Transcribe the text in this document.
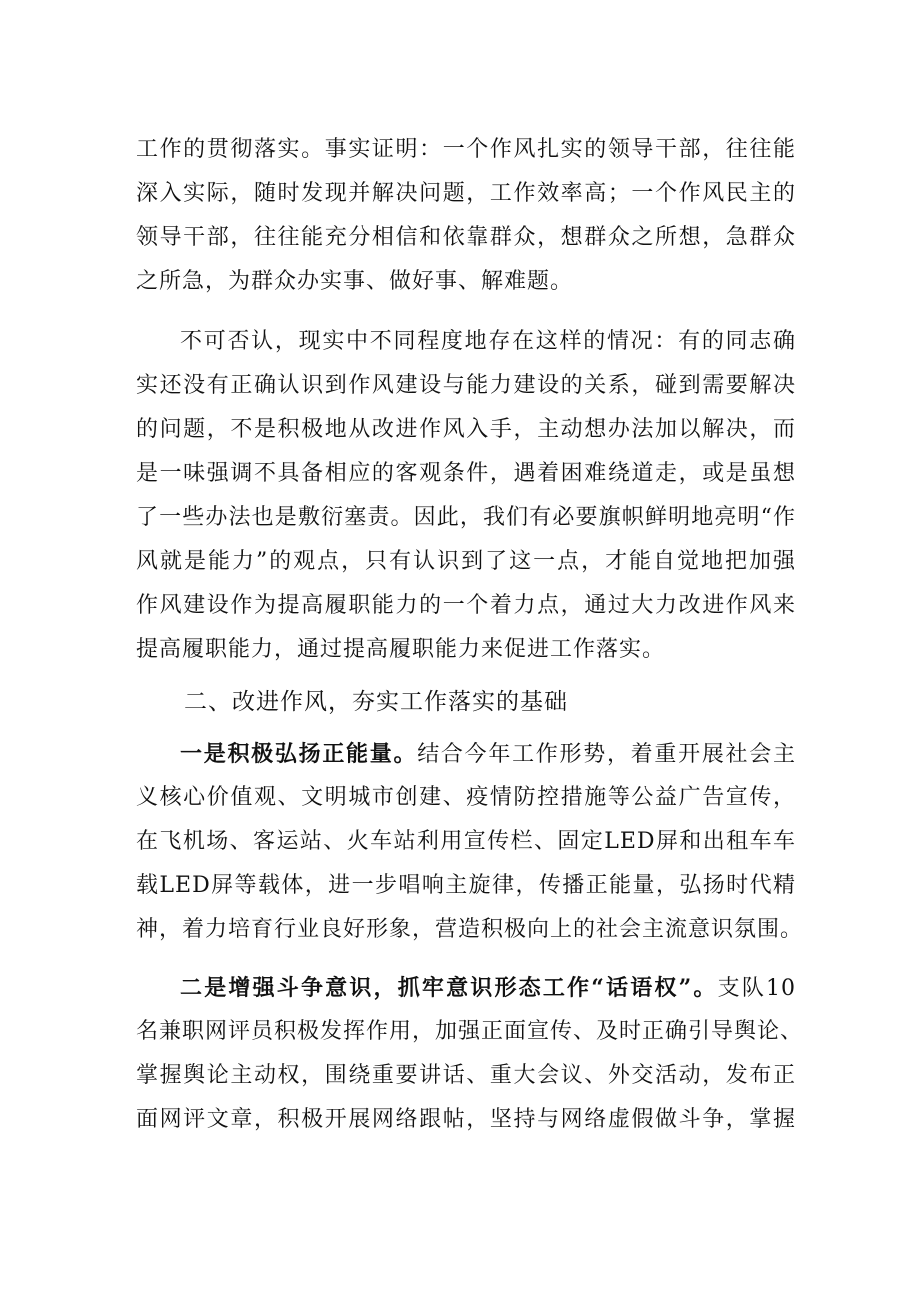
工作的贯彻落实。事实证明：一个作风扎实的领导干部，往往能
深入实际，随时发现并解决问题，工作效率高；一个作风民主的
领导干部，往往能充分相信和依靠群众，想群众之所想，急群众
之所急，为群众办实事、做好事、解难题。
不可否认，现实中不同程度地存在这样的情况：有的同志确
实还没有正确认识到作风建设与能力建设的关系，碰到需要解决
的问题，不是积极地从改进作风入手，主动想办法加以解决，而
是一味强调不具备相应的客观条件，遇着困难绕道走，或是虽想
了一些办法也是敷衍塞责。因此，我们有必要旗帜鲜明地亮明“作
风就是能力”的观点，只有认识到了这一点，才能自觉地把加强
作风建设作为提高履职能力的一个着力点，通过大力改进作风来
提高履职能力，通过提高履职能力来促进工作落实。
二、改进作风，夯实工作落实的基础
一是积极弘扬正能量。结合今年工作形势，着重开展社会主
义核心价值观、文明城市创建、疫情防控措施等公益广告宣传，
在飞机场、客运站、火车站利用宣传栏、固定LED屏和出租车车
载LED屏等载体，进一步唱响主旋律，传播正能量，弘扬时代精
神，着力培育行业良好形象，营造积极向上的社会主流意识氛围。
二是增强斗争意识，抓牢意识形态工作“话语权”。支队10
名兼职网评员积极发挥作用，加强正面宣传、及时正确引导舆论、
掌握舆论主动权，围绕重要讲话、重大会议、外交活动，发布正
面网评文章，积极开展网络跟帖，坚持与网络虚假做斗争，掌握
